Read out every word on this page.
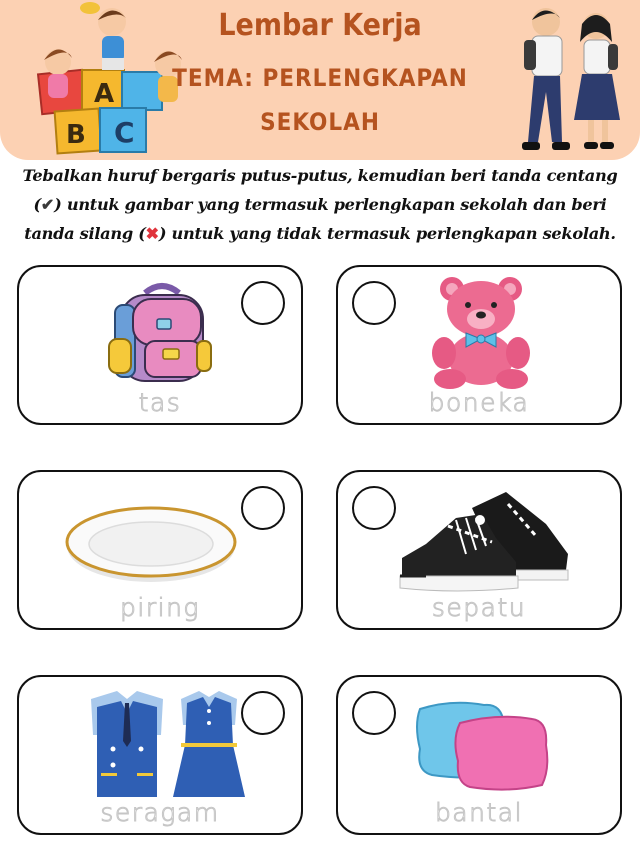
A
B C
Lembar Kerja
TEMA: PERLENGKAPAN
SEKOLAH
Tebalkan huruf bergaris putus-putus, kemudian beri tanda centang
(✔) untuk gambar yang termasuk perlengkapan sekolah dan beri
tanda silang (✖) untuk yang tidak termasuk perlengkapan sekolah.
tas	boneka
piring	sepatu
seragam	bantal
